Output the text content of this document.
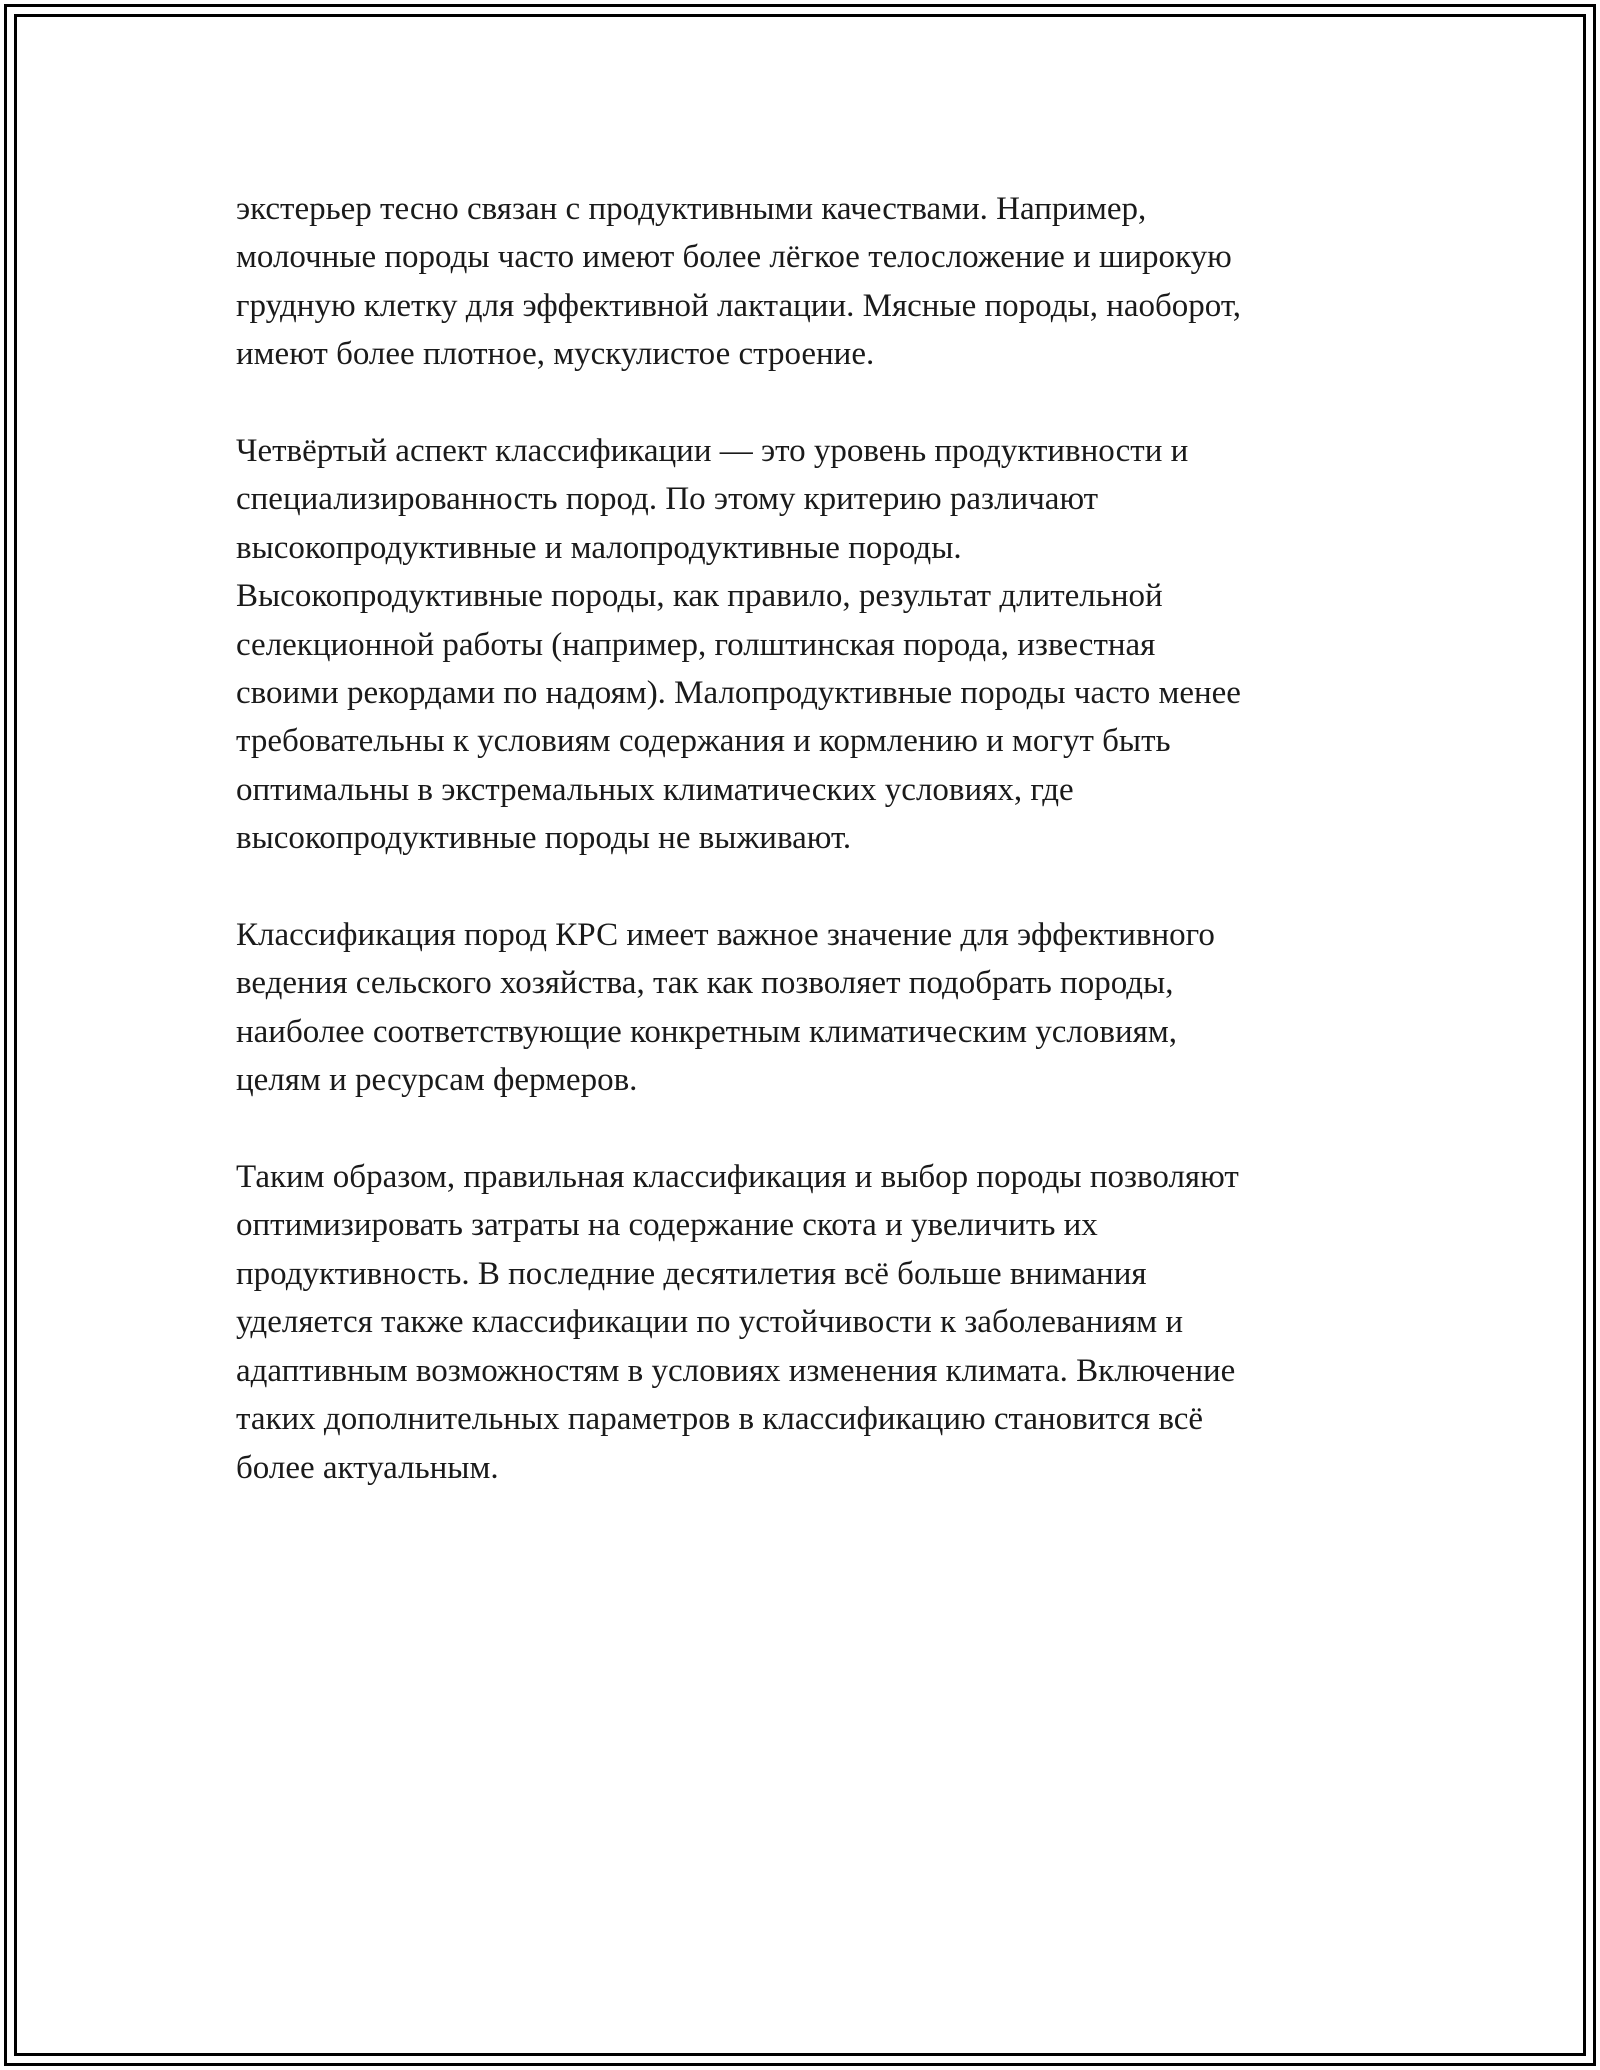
экстерьер тесно связан с продуктивными качествами. Например,
молочные породы часто имеют более лёгкое телосложение и широкую
грудную клетку для эффективной лактации. Мясные породы, наоборот,
имеют более плотное, мускулистое строение.

Четвёртый аспект классификации — это уровень продуктивности и
специализированность пород. По этому критерию различают
высокопродуктивные и малопродуктивные породы.
Высокопродуктивные породы, как правило, результат длительной
селекционной работы (например, голштинская порода, известная
своими рекордами по надоям). Малопродуктивные породы часто менее
требовательны к условиям содержания и кормлению и могут быть
оптимальны в экстремальных климатических условиях, где
высокопродуктивные породы не выживают.

Классификация пород КРС имеет важное значение для эффективного
ведения сельского хозяйства, так как позволяет подобрать породы,
наиболее соответствующие конкретным климатическим условиям,
целям и ресурсам фермеров.

Таким образом, правильная классификация и выбор породы позволяют
оптимизировать затраты на содержание скота и увеличить их
продуктивность. В последние десятилетия всё больше внимания
уделяется также классификации по устойчивости к заболеваниям и
адаптивным возможностям в условиях изменения климата. Включение
таких дополнительных параметров в классификацию становится всё
более актуальным.
